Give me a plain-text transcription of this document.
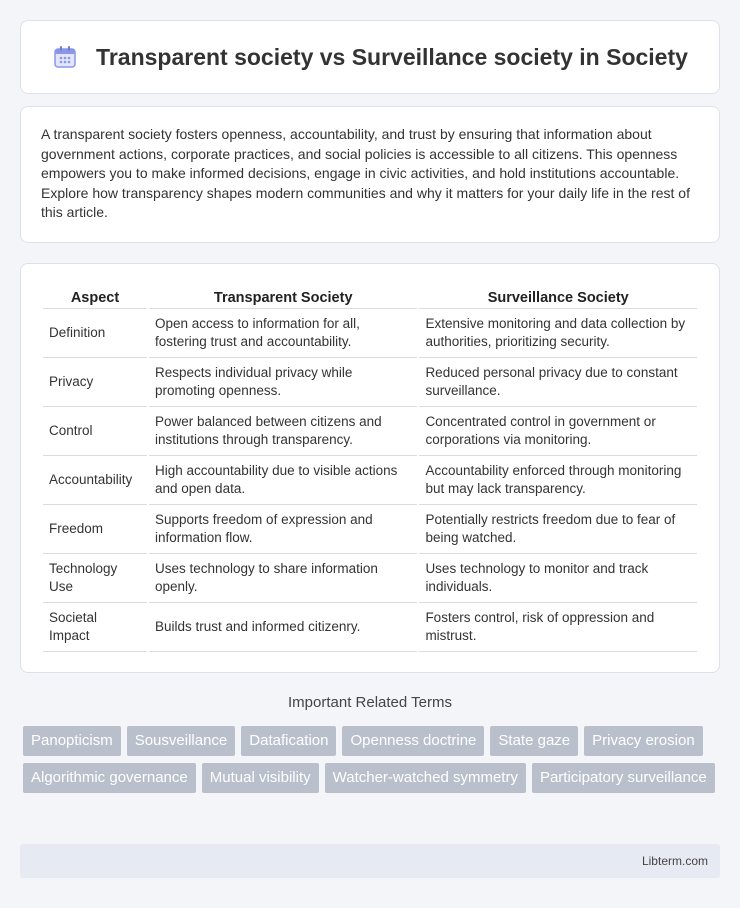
Transparent society vs Surveillance society in Society

A transparent society fosters openness, accountability, and trust by ensuring that information about government actions, corporate practices, and social policies is accessible to all citizens. This openness empowers you to make informed decisions, engage in civic activities, and hold institutions accountable. Explore how transparency shapes modern communities and why it matters for your daily life in the rest of this article.

Aspect	Transparent Society	Surveillance Society
Definition	Open access to information for all, fostering trust and accountability.	Extensive monitoring and data collection by authorities, prioritizing security.
Privacy	Respects individual privacy while promoting openness.	Reduced personal privacy due to constant surveillance.
Control	Power balanced between citizens and institutions through transparency.	Concentrated control in government or corporations via monitoring.
Accountability	High accountability due to visible actions and open data.	Accountability enforced through monitoring but may lack transparency.
Freedom	Supports freedom of expression and information flow.	Potentially restricts freedom due to fear of being watched.
Technology Use	Uses technology to share information openly.	Uses technology to monitor and track individuals.
Societal Impact	Builds trust and informed citizenry.	Fosters control, risk of oppression and mistrust.
Important Related Terms
Panopticism	Sousveillance	Datafication	Openness doctrine	State gaze	Privacy erosion
Algorithmic governance	Mutual visibility	Watcher-watched symmetry	Participatory surveillance
Libterm.com
